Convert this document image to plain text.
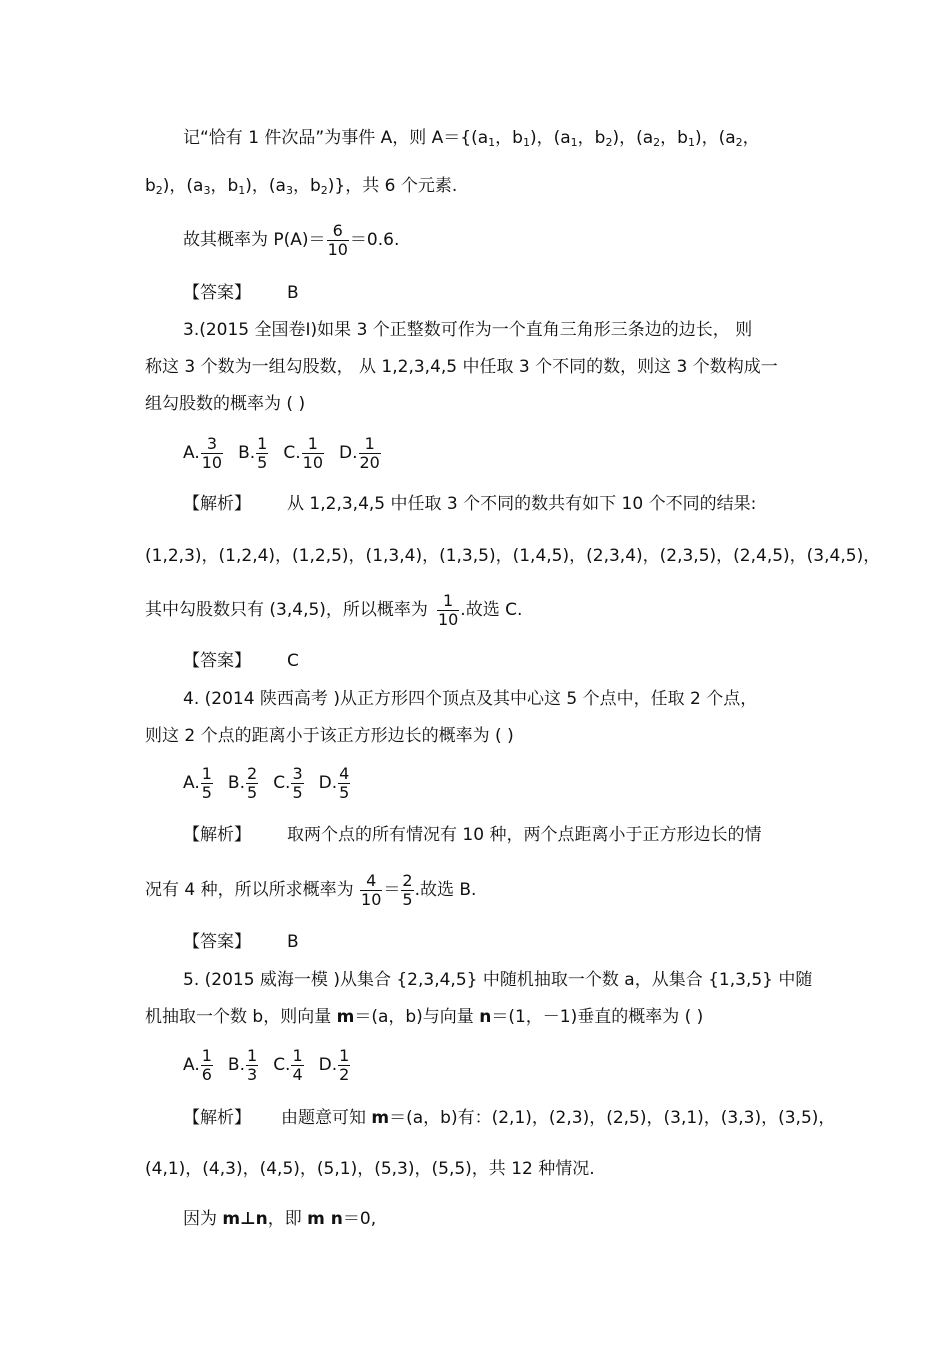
记“恰有 1 件次品”为事件 A，则 $A=\{(a_1$，$b_1$)，($a_1$，$b_2$)，($a_2$，$b_1$)，($a_2$，
$b_2$)，($a_3$，$b_1$)，($a_3$，$b_2$)}，共 6 个元素.
故其概率为 $P(A)= \frac{6}{10} =0.6$.
【答案】 B
3.(2015 全国卷Ⅰ)如果 3 个正整数可作为一个直角三角形三条边的边长， 则
称这 3 个数为一组勾股数， 从 1,2,3,4,5 中任取 3 个不同的数，则这 3 个数构成一
组勾股数的概率为 ( )
A. $\frac{3}{10} B$. $\frac{1}{5} C$. $\frac{1}{10} D$. $\frac{1}{20}$
【解析】 从 1,2,3,4,5 中任取 3 个不同的数共有如下 10 个不同的结果:
(1,2,3)，(1,2,4)，(1,2,5)，(1,3,4)，(1,3,5)，(1,4,5)，(2,3,4)，(2,3,5)，(2,4,5)，(3,4,5)，
其中勾股数只有 (3,4,5)，所以概率为 $\frac{1}{10}$ .故选 C.
【答案】 C
4. (2014 陕西高考 )从正方形四个顶点及其中心这 5 个点中，任取 2 个点，
则这 2 个点的距离小于该正方形边长的概率为 ( )
A. $\frac{1}{5} B$. $\frac{2}{5} C$. $\frac{3}{5} D$. $\frac{4}{5}$
【解析】 取两个点的所有情况有 10 种，两个点距离小于正方形边长的情
况有 4 种，所以所求概率为 $\frac{4}{10} = \frac{2}{5}$ .故选 B.
【答案】 B
5. (2015 威海一模 )从集合 {2,3,4,5} 中随机抽取一个数 a，从集合 {1,3,5} 中随
机抽取一个数 b，则向量 m＝(a，b)与向量 n＝(1，－1)垂直的概率为 ( )
A. $\frac{1}{6} B$. $\frac{1}{3} C$. $\frac{1}{4} D$. $\frac{1}{2}$
【解析】 由题意可知 m＝(a，b)有：(2,1)，(2,3)，(2,5)，(3,1)，(3,3)，(3,5)，
(4,1)，(4,3)，(4,5)，(5,1)，(5,3)，(5,5)，共 12 种情况.
因为 m⊥n，即 m n＝0,
